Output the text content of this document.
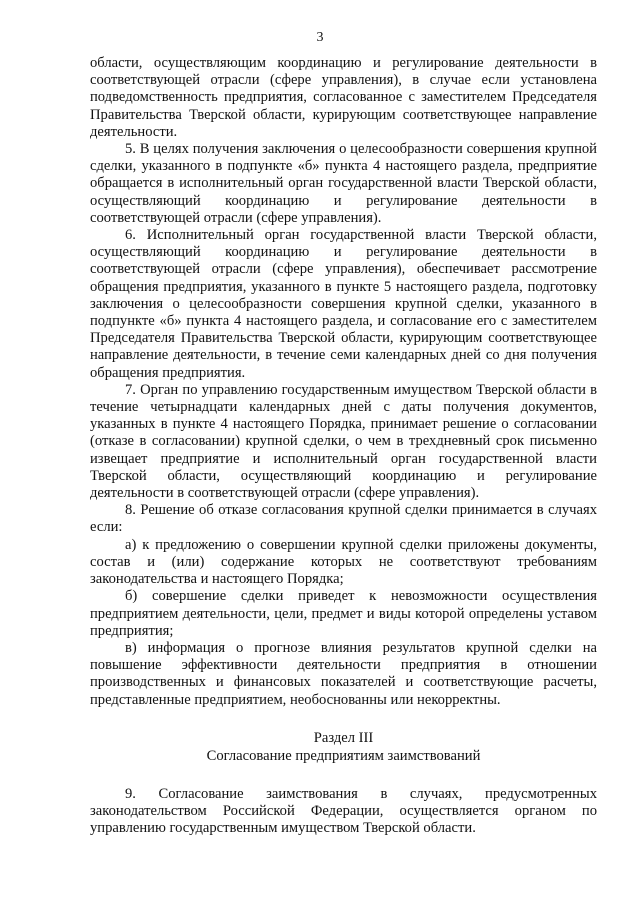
3

области, осуществляющим координацию и регулирование деятельности в соответствующей отрасли (сфере управления), в случае если установлена подведомственность предприятия, согласованное с заместителем Председателя Правительства Тверской области, курирующим соответствующее направление деятельности.

5. В целях получения заключения о целесообразности совершения крупной сделки, указанного в подпункте «б» пункта 4 настоящего раздела, предприятие обращается в исполнительный орган государственной власти Тверской области, осуществляющий координацию и регулирование деятельности в соответствующей отрасли (сфере управления).

6. Исполнительный орган государственной власти Тверской области, осуществляющий координацию и регулирование деятельности в соответствующей отрасли (сфере управления), обеспечивает рассмотрение обращения предприятия, указанного в пункте 5 настоящего раздела, подготовку заключения о целесообразности совершения крупной сделки, указанного в подпункте «б» пункта 4 настоящего раздела, и согласование его с заместителем Председателя Правительства Тверской области, курирующим соответствующее направление деятельности, в течение семи календарных дней со дня получения обращения предприятия.

7. Орган по управлению государственным имуществом Тверской области в течение четырнадцати календарных дней с даты получения документов, указанных в пункте 4 настоящего Порядка, принимает решение о согласовании (отказе в согласовании) крупной сделки, о чем в трехдневный срок письменно извещает предприятие и исполнительный орган государственной власти Тверской области, осуществляющий координацию и регулирование деятельности в соответствующей отрасли (сфере управления).

8. Решение об отказе согласования крупной сделки принимается в случаях если:

а) к предложению о совершении крупной сделки приложены документы, состав и (или) содержание которых не соответствуют требованиям законодательства и настоящего Порядка;

б) совершение сделки приведет к невозможности осуществления предприятием деятельности, цели, предмет и виды которой определены уставом предприятия;

в) информация о прогнозе влияния результатов крупной сделки на повышение эффективности деятельности предприятия в отношении производственных и финансовых показателей и соответствующие расчеты, представленные предприятием, необоснованны или некорректны.

Раздел III
Согласование предприятиям заимствований

9. Согласование заимствования в случаях, предусмотренных законодательством Российской Федерации, осуществляется органом по управлению государственным имуществом Тверской области.
